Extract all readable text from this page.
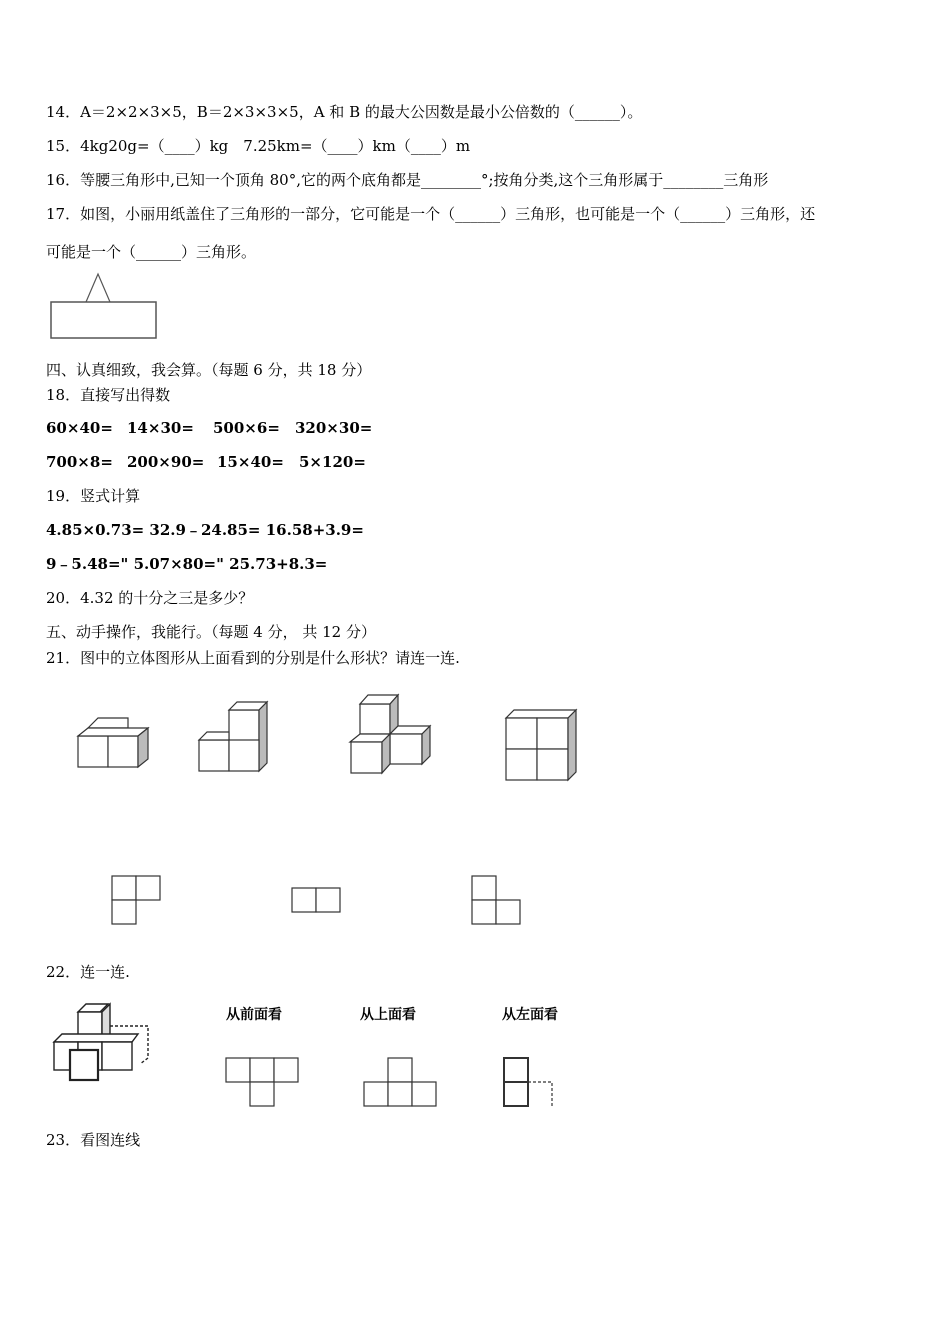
14．A＝2×2×3×5，B＝2×3×3×5，A 和 B 的最大公因数是最小公倍数的（______）。
15．4kg20g=（____）kg　7.25km=（____）km（____）m
16．等腰三角形中,已知一个顶角 80°,它的两个底角都是________°;按角分类,这个三角形属于________三角形
17．如图，小丽用纸盖住了三角形的一部分，它可能是一个（______）三角形，也可能是一个（______）三角形，还
可能是一个（______）三角形。
四、认真细致，我会算。（每题 6 分，共 18 分）
18．直接写出得数
60×40= 14×30= 500×6= 320×30=
700×8= 200×90= 15×40= 5×120=
19．竖式计算
4.85×0.73= 32.9﹣24.85= 16.58+3.9=
9﹣5.48=" 5.07×80=" 25.73+8.3=
20．4.32 的十分之三是多少？
五、动手操作，我能行。（每题 4 分， 共 12 分）
21．图中的立体图形从上面看到的分别是什么形状？请连一连.
22．连一连.
从前面看	从上面看	从左面看
23．看图连线
